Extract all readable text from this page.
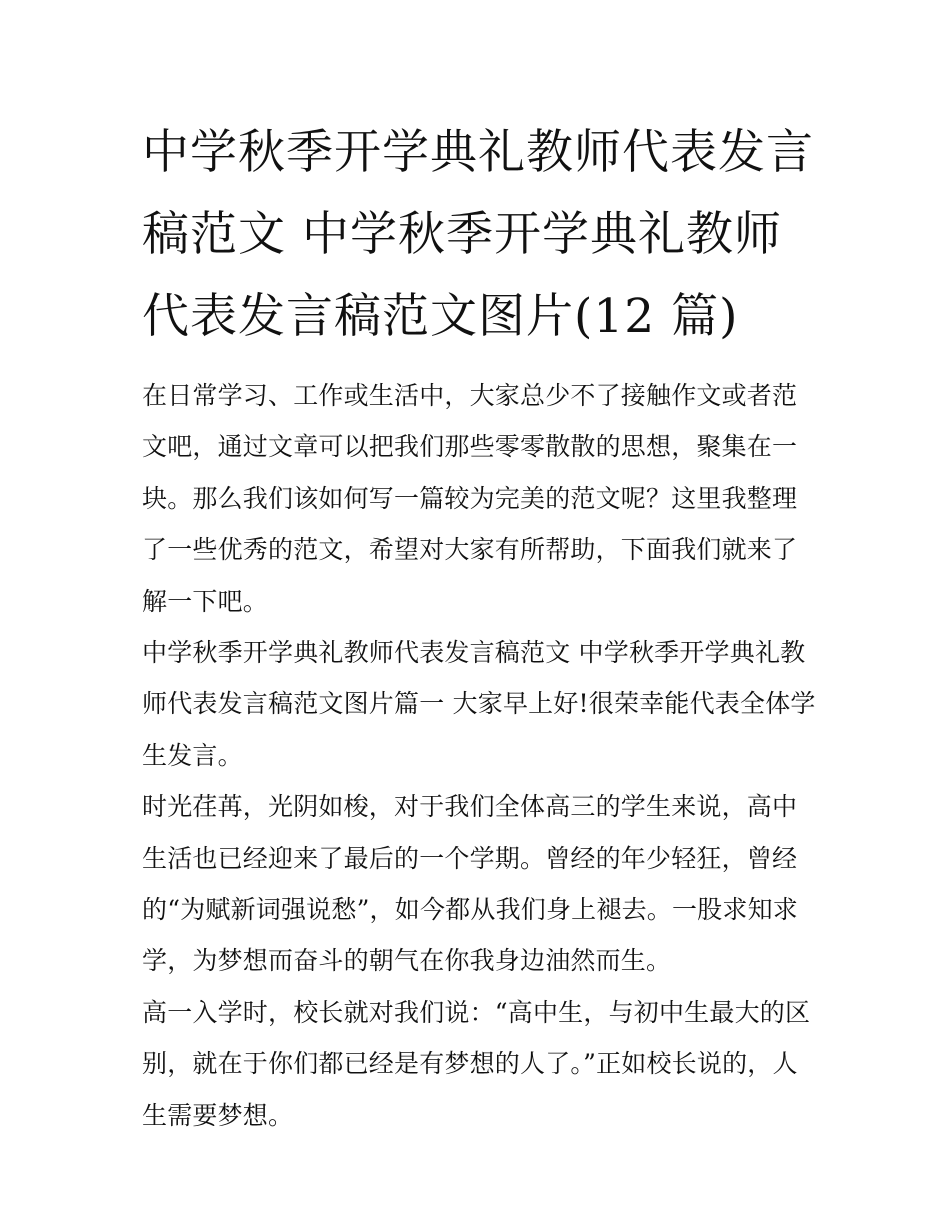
中学秋季开学典礼教师代表发言稿范文 中学秋季开学典礼教师代表发言稿范文图片(12 篇)

在日常学习、工作或生活中，大家总少不了接触作文或者范文吧，通过文章可以把我们那些零零散散的思想，聚集在一块。那么我们该如何写一篇较为完美的范文呢？这里我整理了一些优秀的范文，希望对大家有所帮助，下面我们就来了解一下吧。

中学秋季开学典礼教师代表发言稿范文 中学秋季开学典礼教师代表发言稿范文图片篇一 大家早上好!很荣幸能代表全体学生发言。

时光荏苒，光阴如梭，对于我们全体高三的学生来说，高中生活也已经迎来了最后的一个学期。曾经的年少轻狂，曾经的“为赋新词强说愁”，如今都从我们身上褪去。一股求知求学，为梦想而奋斗的朝气在你我身边油然而生。

高一入学时，校长就对我们说：“高中生，与初中生最大的区别，就在于你们都已经是有梦想的人了。”正如校长说的，人生需要梦想。
